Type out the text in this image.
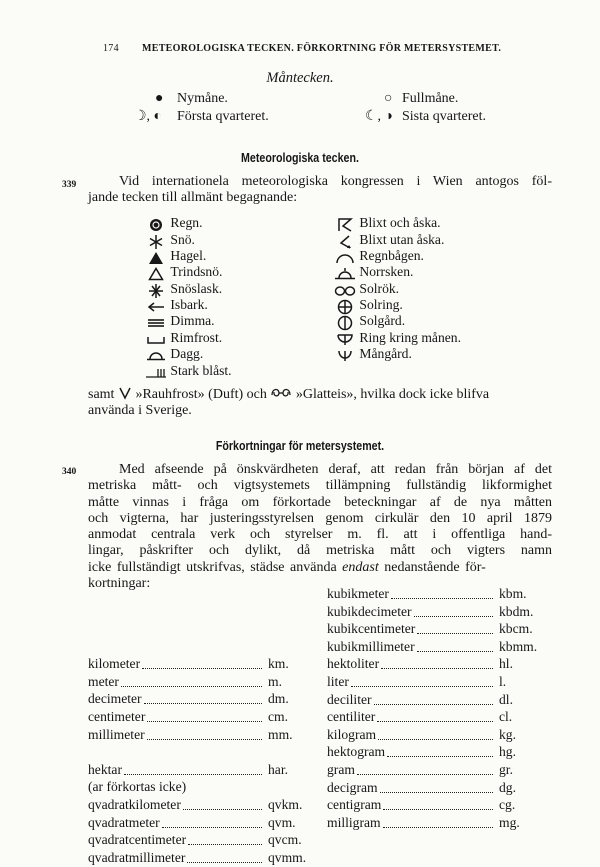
174 METEOROLOGISKA TECKEN. FÖRKORTNING FÖR METERSYSTEMET.
Måntecken.
● Nymåne.	○ Fullmåne.
☽, ◐ Första qvarteret.	☾, ◑ Sista qvarteret.
Meteorologiska tecken.
339	Vid internationela meteorologiska kongressen i Wien antogos föl-
jande tecken till allmänt begagnande:
Regn.
Snö.
Hagel.
Trindsnö.
Snöslask.
Isbark.
Dimma.
Rimfrost.
Dagg.
Stark blåst.
Blixt och åska.
Blixt utan åska.
Regnbågen.
Norrsken.
Solrök.
Solring.
Solgård.
Ring kring månen.
Mångård.
samt »Rauhfrost» (Duft) och »Glatteis», hvilka dock icke blifva
använda i Sverige.
Förkortningar för metersystemet.
340	Med afseende på önskvärdheten deraf, att redan från början af det
metriska mått- och vigtsystemets tillämpning fullständig likformighet
måtte vinnas i fråga om förkortade beteckningar af de nya måtten
och vigterna, har justeringsstyrelsen genom cirkulär den 10 april 1879
anmodat centrala verk och styrelser m. fl. att i offentliga hand-
lingar, påskrifter och dylikt, då metriska mått och vigters namn
icke fullständigt utskrifvas, städse använda endast nedanstående för-
kortningar:
kilometer	km.
meter	m.
decimeter	dm.
centimeter	cm.
millimeter	mm.
hektar	har.
(ar förkortas icke)
qvadratkilometer	qvkm.
qvadratmeter	qvm.
qvadratcentimeter	qvcm.
qvadratmillimeter	qvmm.
kubikmeter	kbm.
kubikdecimeter	kbdm.
kubikcentimeter	kbcm.
kubikmillimeter	kbmm.
hektoliter	hl.
liter	l.
deciliter	dl.
centiliter	cl.
kilogram	kg.
hektogram	hg.
gram	gr.
decigram	dg.
centigram	cg.
milligram	mg.
